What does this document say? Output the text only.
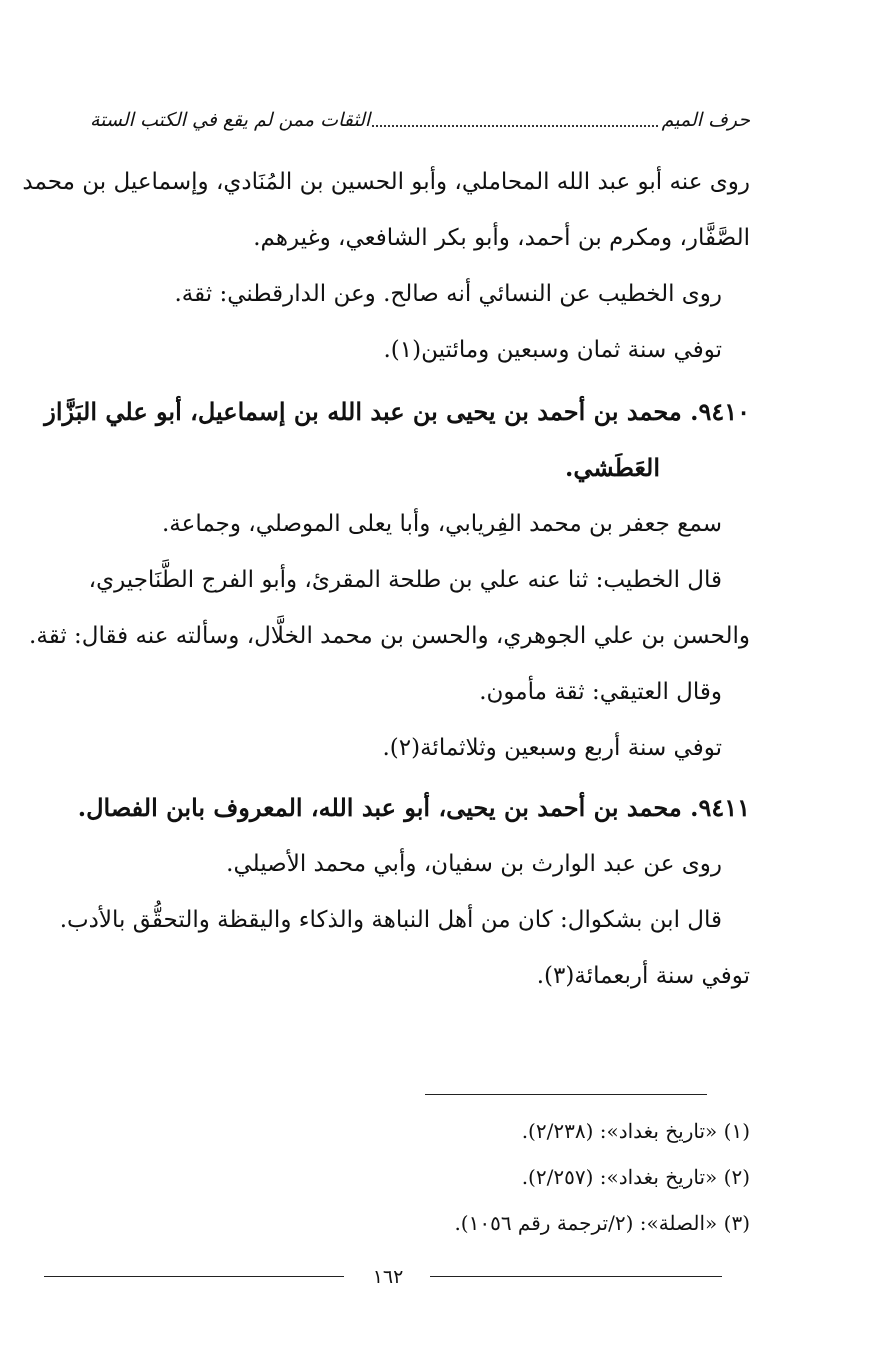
حرف الميم
الثقات ممن لم يقع في الكتب الستة
روى عنه أبو عبد الله المحاملي، وأبو الحسين بن المُنَادي، وإسماعيل بن محمد
الصَّفَّار، ومكرم بن أحمد، وأبو بكر الشافعي، وغيرهم.
روى الخطيب عن النسائي أنه صالح. وعن الدارقطني: ثقة.
توفي سنة ثمان وسبعين ومائتين(١).
٩٤١٠. محمد بن أحمد بن يحيى بن عبد الله بن إسماعيل، أبو علي البَزَّاز
العَطَشي.
سمع جعفر بن محمد الفِريابي، وأبا يعلى الموصلي، وجماعة.
قال الخطيب: ثنا عنه علي بن طلحة المقرئ، وأبو الفرج الطَّنَاجيري،
والحسن بن علي الجوهري، والحسن بن محمد الخلَّال، وسألته عنه فقال: ثقة.
وقال العتيقي: ثقة مأمون.
توفي سنة أربع وسبعين وثلاثمائة(٢).
٩٤١١. محمد بن أحمد بن يحيى، أبو عبد الله، المعروف بابن الفصال.
روى عن عبد الوارث بن سفيان، وأبي محمد الأصيلي.
قال ابن بشكوال: كان من أهل النباهة والذكاء واليقظة والتحقُّق بالأدب.
توفي سنة أربعمائة(٣).
(١) «تاريخ بغداد»: (٢/٢٣٨).
(٢) «تاريخ بغداد»: (٢/٢٥٧).
(٣) «الصلة»: (٢/ترجمة رقم ١٠٥٦).
١٦٢
